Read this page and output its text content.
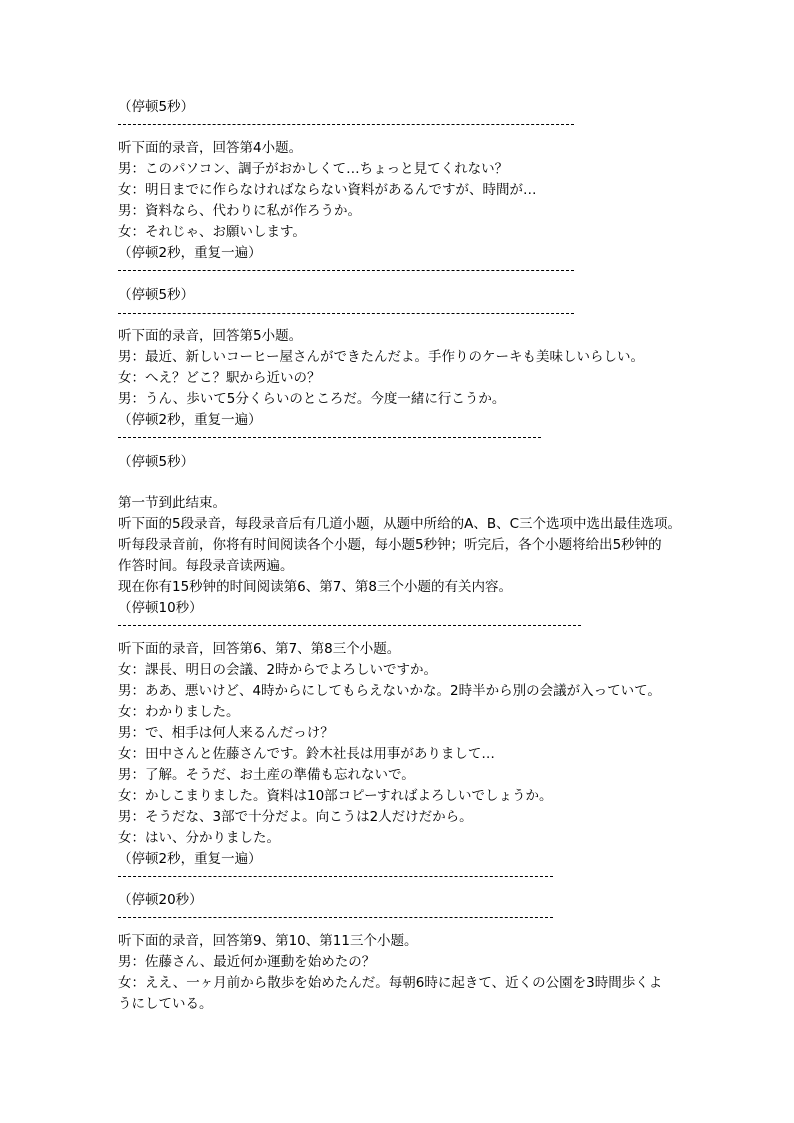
（停顿5秒）
听下面的录音，回答第4小题。
男：このパソコン、調子がおかしくて…ちょっと見てくれない？
女：明日までに作らなければならない資料があるんですが、時間が…
男：資料なら、代わりに私が作ろうか。
女：それじゃ、お願いします。
（停顿2秒，重复一遍）
（停顿5秒）
听下面的录音，回答第5小题。
男：最近、新しいコーヒー屋さんができたんだよ。手作りのケーキも美味しいらしい。
女：へえ？どこ？駅から近いの？
男：うん、歩いて5分くらいのところだ。今度一緒に行こうか。
（停顿2秒，重复一遍）
（停顿5秒）
第一节到此结束。
听下面的5段录音，每段录音后有几道小题，从题中所给的A、B、C三个选项中选出最佳选项。
听每段录音前，你将有时间阅读各个小题，每小题5秒钟；听完后，各个小题将给出5秒钟的
作答时间。每段录音读两遍。
现在你有15秒钟的时间阅读第6、第7、第8三个小题的有关内容。
（停顿10秒）
听下面的录音，回答第6、第7、第8三个小题。
女：課長、明日の会議、2時からでよろしいですか。
男：ああ、悪いけど、4時からにしてもらえないかな。2時半から別の会議が入っていて。
女：わかりました。
男：で、相手は何人来るんだっけ？
女：田中さんと佐藤さんです。鈴木社長は用事がありまして…
男：了解。そうだ、お土産の準備も忘れないで。
女：かしこまりました。資料は10部コピーすればよろしいでしょうか。
男：そうだな、3部で十分だよ。向こうは2人だけだから。
女：はい、分かりました。
（停顿2秒，重复一遍）
（停顿20秒）
听下面的录音，回答第9、第10、第11三个小题。
男：佐藤さん、最近何か運動を始めたの？
女：ええ、一ヶ月前から散歩を始めたんだ。每朝6時に起きて、近くの公園を3時間歩くよ
うにしている。
